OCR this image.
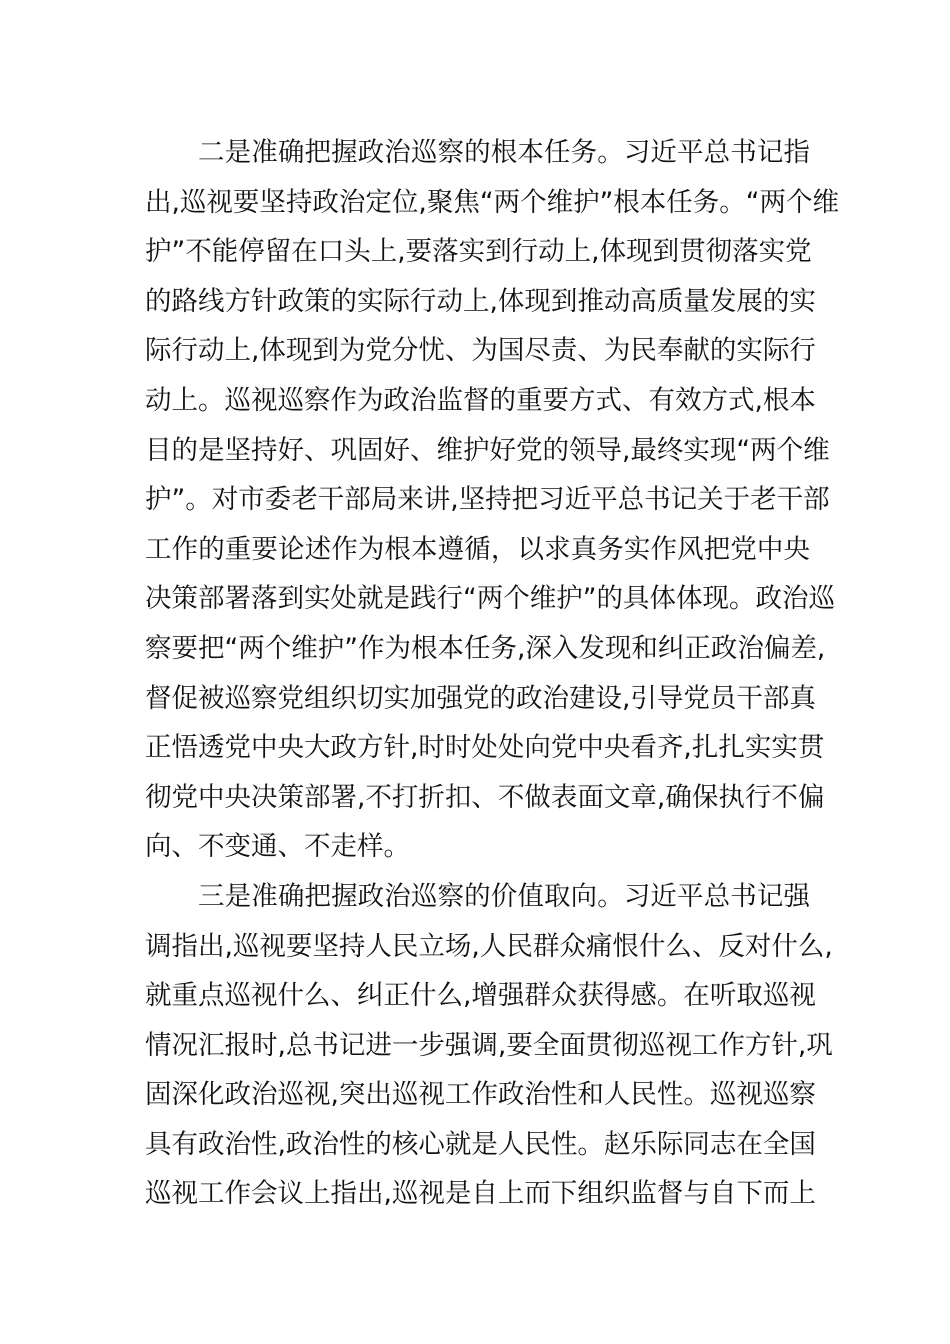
二是准确把握政治巡察的根本任务。习近平总书记指
出,巡视要坚持政治定位,聚焦“两个维护”根本任务。“两个维
护”不能停留在口头上,要落实到行动上,体现到贯彻落实党
的路线方针政策的实际行动上,体现到推动高质量发展的实
际行动上,体现到为党分忧、为国尽责、为民奉献的实际行
动上。巡视巡察作为政治监督的重要方式、有效方式,根本
目的是坚持好、巩固好、维护好党的领导,最终实现“两个维
护”。对市委老干部局来讲,坚持把习近平总书记关于老干部
工作的重要论述作为根本遵循，以求真务实作风把党中央
决策部署落到实处就是践行“两个维护”的具体体现。政治巡
察要把“两个维护”作为根本任务,深入发现和纠正政治偏差,
督促被巡察党组织切实加强党的政治建设,引导党员干部真
正悟透党中央大政方针,时时处处向党中央看齐,扎扎实实贯
彻党中央决策部署,不打折扣、不做表面文章,确保执行不偏
向、不变通、不走样。

三是准确把握政治巡察的价值取向。习近平总书记强
调指出,巡视要坚持人民立场,人民群众痛恨什么、反对什么,
就重点巡视什么、纠正什么,增强群众获得感。在听取巡视
情况汇报时,总书记进一步强调,要全面贯彻巡视工作方针,巩
固深化政治巡视,突出巡视工作政治性和人民性。巡视巡察
具有政治性,政治性的核心就是人民性。赵乐际同志在全国
巡视工作会议上指出,巡视是自上而下组织监督与自下而上
